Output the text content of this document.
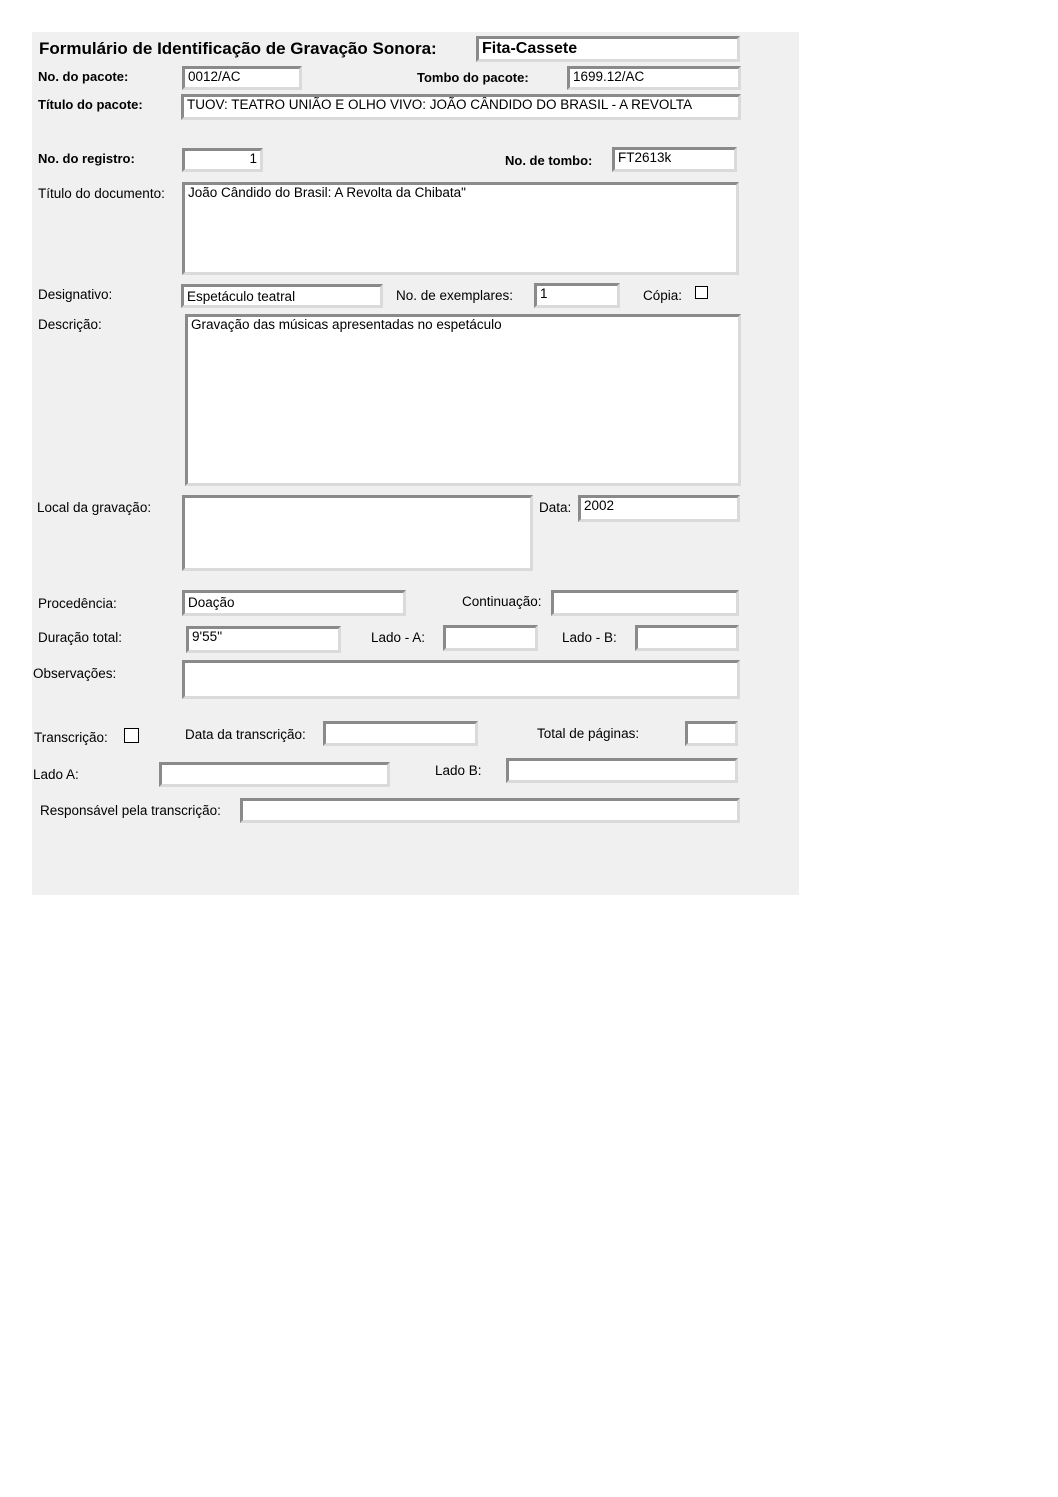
Formulário de Identificação de Gravação Sonora:	Fita-Cassete
No. do pacote:	0012/AC	Tombo do pacote:	1699.12/AC
Título do pacote:	TUOV: TEATRO UNIÃO E OLHO VIVO: JOÃO CÂNDIDO DO BRASIL - A REVOLTA
No. do registro:	1	No. de tombo:	FT2613k
Título do documento:	João Cândido do Brasil: A Revolta da Chibata"
Designativo:	Espetáculo teatral	No. de exemplares:	1	Cópia:
Descrição:	Gravação das músicas apresentadas no espetáculo
Local da gravação:	Data: 2002
Procedência:	Doação	Continuação:
Duração total:	9'55''	Lado - A:	Lado - B:
Observações:
Transcrição:	Data da transcrição:	Total de páginas:
Lado A:	Lado B:
Responsável pela transcrição:
